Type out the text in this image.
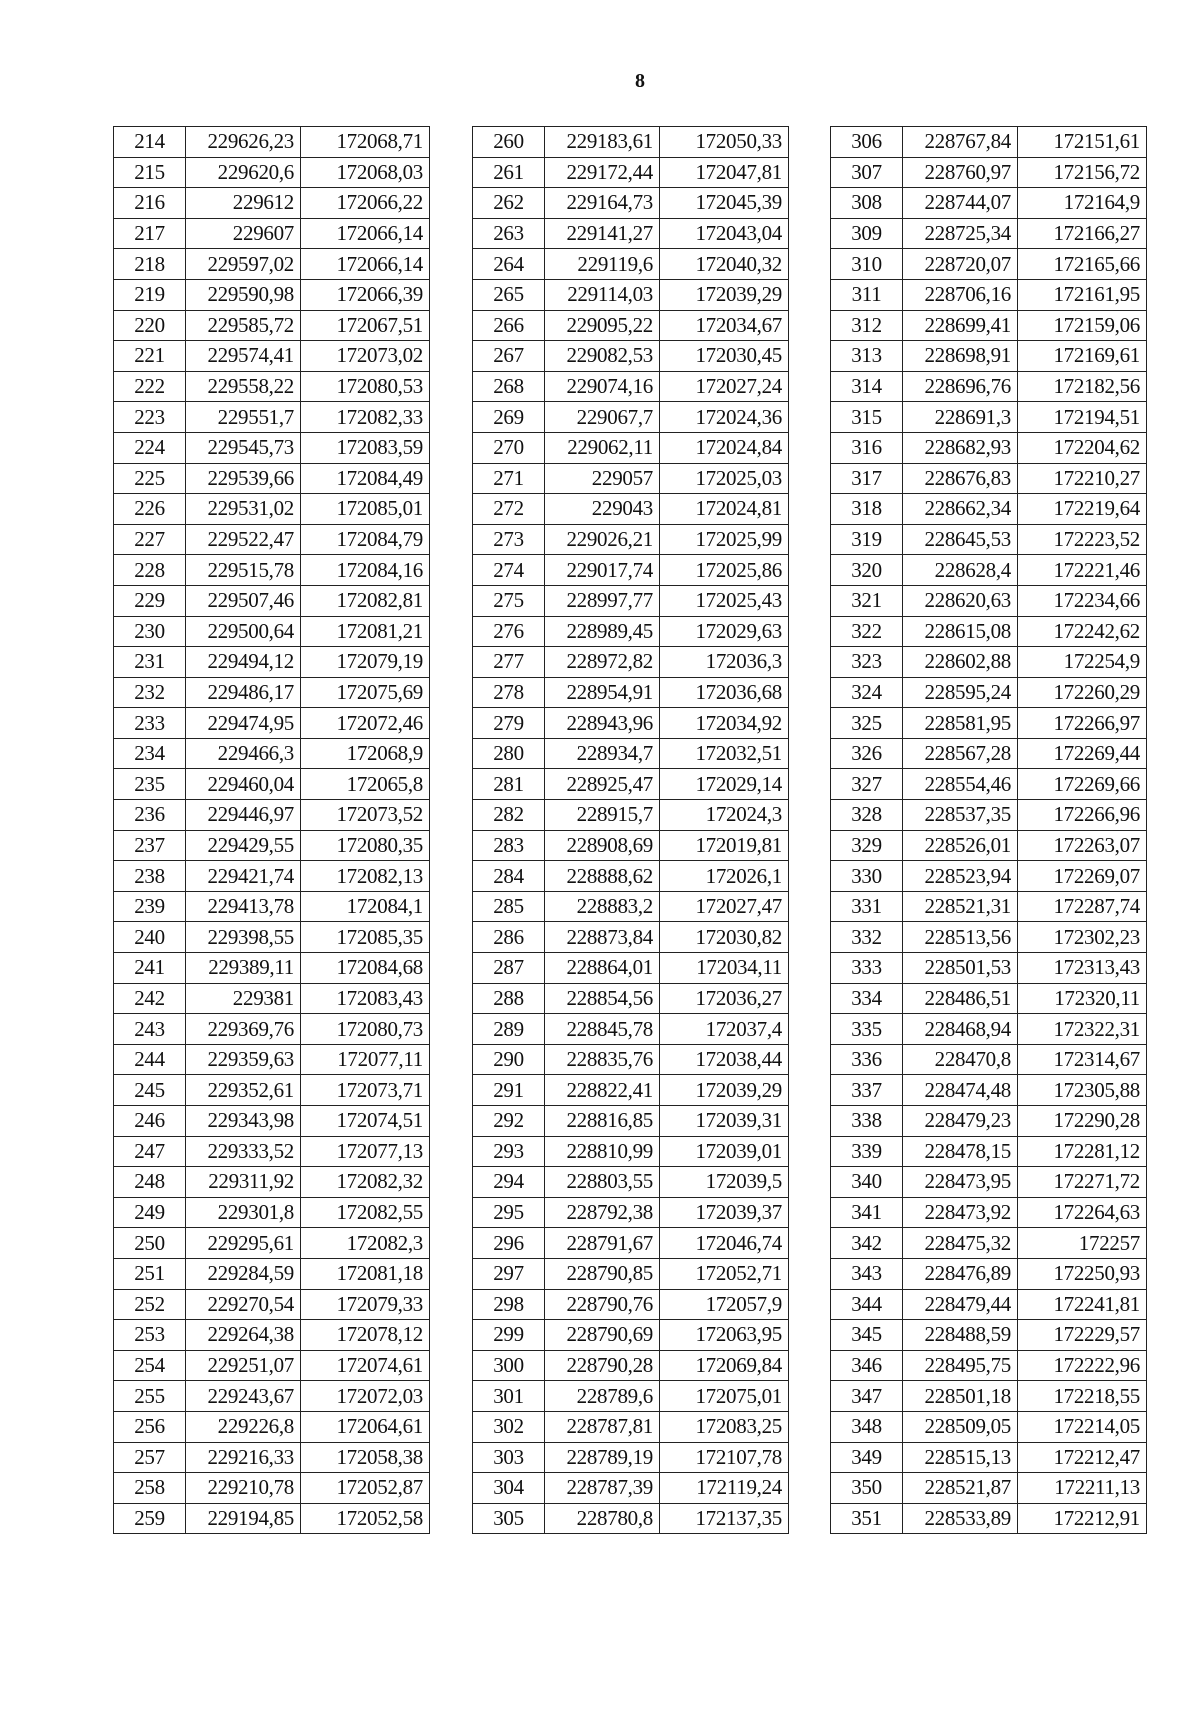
8
214	229626,23	172068,71
215	229620,6	172068,03
216	229612	172066,22
217	229607	172066,14
218	229597,02	172066,14
219	229590,98	172066,39
220	229585,72	172067,51
221	229574,41	172073,02
222	229558,22	172080,53
223	229551,7	172082,33
224	229545,73	172083,59
225	229539,66	172084,49
226	229531,02	172085,01
227	229522,47	172084,79
228	229515,78	172084,16
229	229507,46	172082,81
230	229500,64	172081,21
231	229494,12	172079,19
232	229486,17	172075,69
233	229474,95	172072,46
234	229466,3	172068,9
235	229460,04	172065,8
236	229446,97	172073,52
237	229429,55	172080,35
238	229421,74	172082,13
239	229413,78	172084,1
240	229398,55	172085,35
241	229389,11	172084,68
242	229381	172083,43
243	229369,76	172080,73
244	229359,63	172077,11
245	229352,61	172073,71
246	229343,98	172074,51
247	229333,52	172077,13
248	229311,92	172082,32
249	229301,8	172082,55
250	229295,61	172082,3
251	229284,59	172081,18
252	229270,54	172079,33
253	229264,38	172078,12
254	229251,07	172074,61
255	229243,67	172072,03
256	229226,8	172064,61
257	229216,33	172058,38
258	229210,78	172052,87
259	229194,85	172052,58
260	229183,61	172050,33
261	229172,44	172047,81
262	229164,73	172045,39
263	229141,27	172043,04
264	229119,6	172040,32
265	229114,03	172039,29
266	229095,22	172034,67
267	229082,53	172030,45
268	229074,16	172027,24
269	229067,7	172024,36
270	229062,11	172024,84
271	229057	172025,03
272	229043	172024,81
273	229026,21	172025,99
274	229017,74	172025,86
275	228997,77	172025,43
276	228989,45	172029,63
277	228972,82	172036,3
278	228954,91	172036,68
279	228943,96	172034,92
280	228934,7	172032,51
281	228925,47	172029,14
282	228915,7	172024,3
283	228908,69	172019,81
284	228888,62	172026,1
285	228883,2	172027,47
286	228873,84	172030,82
287	228864,01	172034,11
288	228854,56	172036,27
289	228845,78	172037,4
290	228835,76	172038,44
291	228822,41	172039,29
292	228816,85	172039,31
293	228810,99	172039,01
294	228803,55	172039,5
295	228792,38	172039,37
296	228791,67	172046,74
297	228790,85	172052,71
298	228790,76	172057,9
299	228790,69	172063,95
300	228790,28	172069,84
301	228789,6	172075,01
302	228787,81	172083,25
303	228789,19	172107,78
304	228787,39	172119,24
305	228780,8	172137,35
306	228767,84	172151,61
307	228760,97	172156,72
308	228744,07	172164,9
309	228725,34	172166,27
310	228720,07	172165,66
311	228706,16	172161,95
312	228699,41	172159,06
313	228698,91	172169,61
314	228696,76	172182,56
315	228691,3	172194,51
316	228682,93	172204,62
317	228676,83	172210,27
318	228662,34	172219,64
319	228645,53	172223,52
320	228628,4	172221,46
321	228620,63	172234,66
322	228615,08	172242,62
323	228602,88	172254,9
324	228595,24	172260,29
325	228581,95	172266,97
326	228567,28	172269,44
327	228554,46	172269,66
328	228537,35	172266,96
329	228526,01	172263,07
330	228523,94	172269,07
331	228521,31	172287,74
332	228513,56	172302,23
333	228501,53	172313,43
334	228486,51	172320,11
335	228468,94	172322,31
336	228470,8	172314,67
337	228474,48	172305,88
338	228479,23	172290,28
339	228478,15	172281,12
340	228473,95	172271,72
341	228473,92	172264,63
342	228475,32	172257
343	228476,89	172250,93
344	228479,44	172241,81
345	228488,59	172229,57
346	228495,75	172222,96
347	228501,18	172218,55
348	228509,05	172214,05
349	228515,13	172212,47
350	228521,87	172211,13
351	228533,89	172212,91
